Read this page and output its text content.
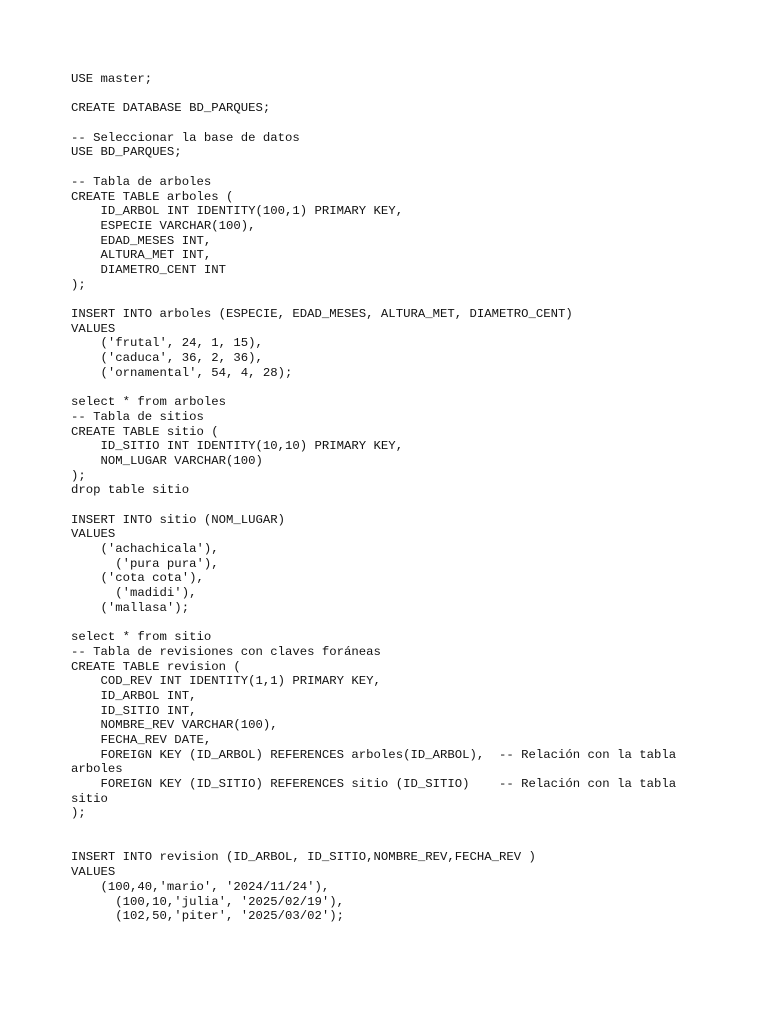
USE master;
CREATE DATABASE BD_PARQUES;
-- Seleccionar la base de datos
USE BD_PARQUES;
-- Tabla de arboles
CREATE TABLE arboles (
ID_ARBOL INT IDENTITY(100,1) PRIMARY KEY,
ESPECIE VARCHAR(100),
EDAD_MESES INT,
ALTURA_MET INT,
DIAMETRO_CENT INT
);
INSERT INTO arboles (ESPECIE, EDAD_MESES, ALTURA_MET, DIAMETRO_CENT)
VALUES
('frutal', 24, 1, 15),
('caduca', 36, 2, 36),
('ornamental', 54, 4, 28);
select * from arboles
-- Tabla de sitios
CREATE TABLE sitio (
ID_SITIO INT IDENTITY(10,10) PRIMARY KEY,
NOM_LUGAR VARCHAR(100)
);
drop table sitio
INSERT INTO sitio (NOM_LUGAR)
VALUES
('achachicala'),
('pura pura'),
('cota cota'),
('madidi'),
('mallasa');
select * from sitio
-- Tabla de revisiones con claves foráneas
CREATE TABLE revision (
COD_REV INT IDENTITY(1,1) PRIMARY KEY,
ID_ARBOL INT,
ID_SITIO INT,
NOMBRE_REV VARCHAR(100),
FECHA_REV DATE,
FOREIGN KEY (ID_ARBOL) REFERENCES arboles(ID_ARBOL),  -- Relación con la tabla
arboles
FOREIGN KEY (ID_SITIO) REFERENCES sitio (ID_SITIO)    -- Relación con la tabla
sitio
);
INSERT INTO revision (ID_ARBOL, ID_SITIO,NOMBRE_REV,FECHA_REV )
VALUES
(100,40,'mario', '2024/11/24'),
(100,10,'julia', '2025/02/19'),
(102,50,'piter', '2025/03/02');
